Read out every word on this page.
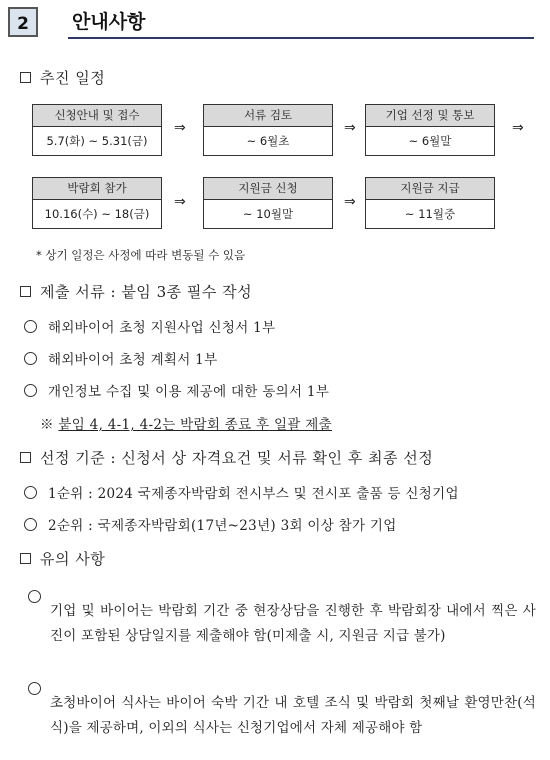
2	안내사항
추진 일정
신청안내 및 접수
5.7(화) ~ 5.31(금)
⇒
서류 검토
~ 6월초
⇒
기업 선정 및 통보
~ 6월말
⇒
박람회 참가
10.16(수) ~ 18(금)
⇒
지원금 신청
~ 10월말
⇒
지원금 지급
~ 11월중
* 상기 일정은 사정에 따라 변동될 수 있음
제출 서류 : 붙임 3종 필수 작성
해외바이어 초청 지원사업 신청서 1부
해외바이어 초청 계획서 1부
개인정보 수집 및 이용 제공에 대한 동의서 1부
※ 붙임 4, 4-1, 4-2는 박람회 종료 후 일괄 제출
선정 기준 : 신청서 상 자격요건 및 서류 확인 후 최종 선정
1순위 : 2024 국제종자박람회 전시부스 및 전시포 출품 등 신청기업
2순위 : 국제종자박람회(17년~23년) 3회 이상 참가 기업
유의 사항
기업 및 바이어는 박람회 기간 중 현장상담을 진행한 후 박람회장 내에서 찍은 사진이 포함된 상담일지를 제출해야 함(미제출 시, 지원금 지급 불가)
초청바이어 식사는 바이어 숙박 기간 내 호텔 조식 및 박람회 첫째날 환영만찬(석식)을 제공하며, 이외의 식사는 신청기업에서 자체 제공해야 함
